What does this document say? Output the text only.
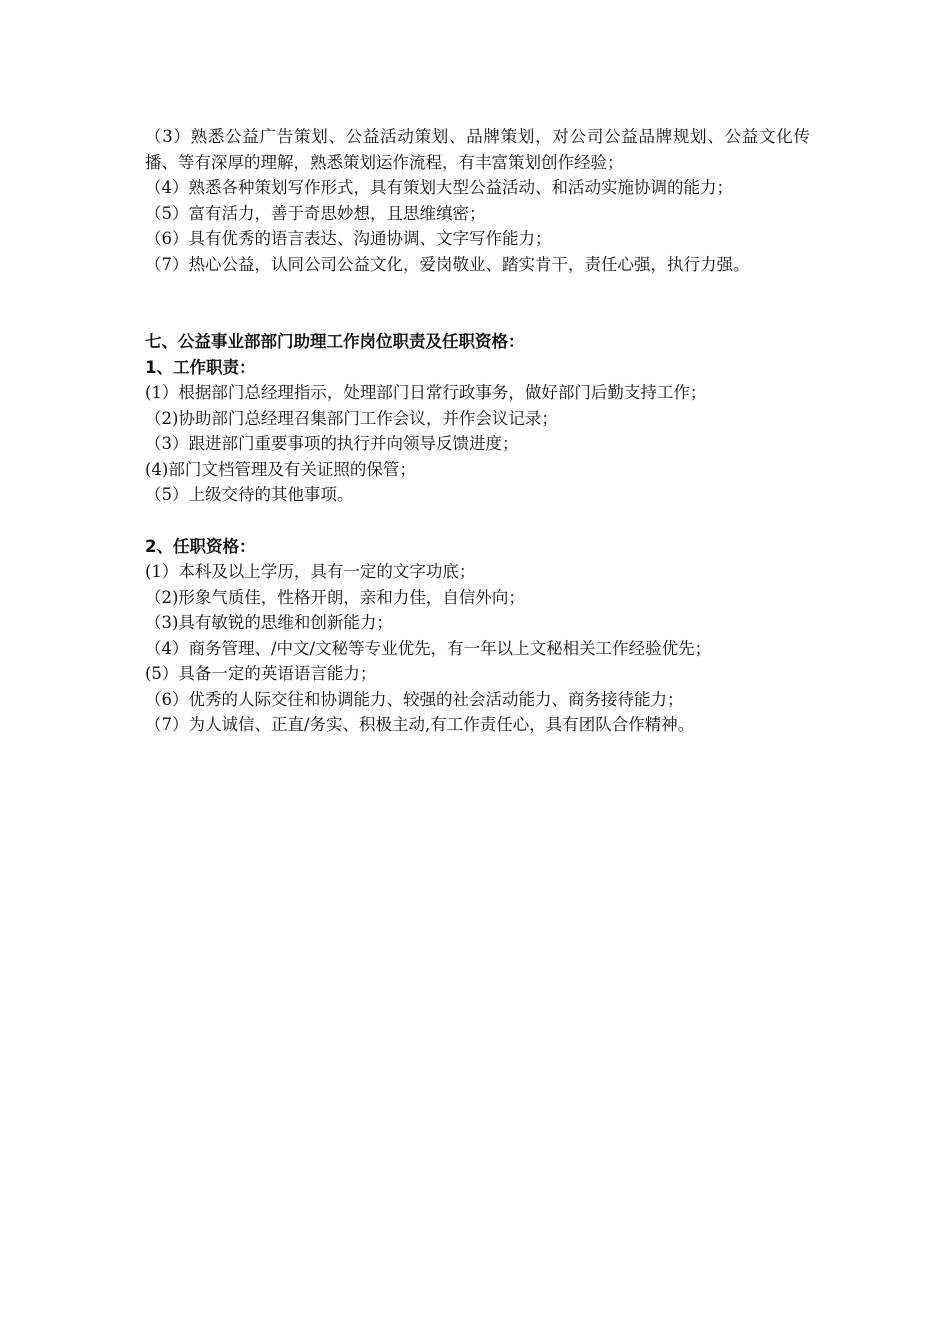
（3）熟悉公益广告策划、公益活动策划、品牌策划，对公司公益品牌规划、公益文化传播、等有深厚的理解，熟悉策划运作流程，有丰富策划创作经验；

（4）熟悉各种策划写作形式，具有策划大型公益活动、和活动实施协调的能力；

（5）富有活力，善于奇思妙想，且思维缜密；

（6）具有优秀的语言表达、沟通协调、文字写作能力；

（7）热心公益，认同公司公益文化，爱岗敬业、踏实肯干，责任心强，执行力强。

七、公益事业部部门助理工作岗位职责及任职资格：

1、工作职责：

(1）根据部门总经理指示，处理部门日常行政事务，做好部门后勤支持工作；

（2)协助部门总经理召集部门工作会议，并作会议记录；

（3）跟进部门重要事项的执行并向领导反馈进度；

(4)部门文档管理及有关证照的保管；

（5）上级交待的其他事项。

2、任职资格：

(1）本科及以上学历，具有一定的文字功底；

（2)形象气质佳，性格开朗，亲和力佳，自信外向；

（3)具有敏锐的思维和创新能力；

（4）商务管理、/中文/文秘等专业优先，有一年以上文秘相关工作经验优先；

(5）具备一定的英语语言能力；

（6）优秀的人际交往和协调能力、较强的社会活动能力、商务接待能力；

（7）为人诚信、正直/务实、积极主动,有工作责任心，具有团队合作精神。
